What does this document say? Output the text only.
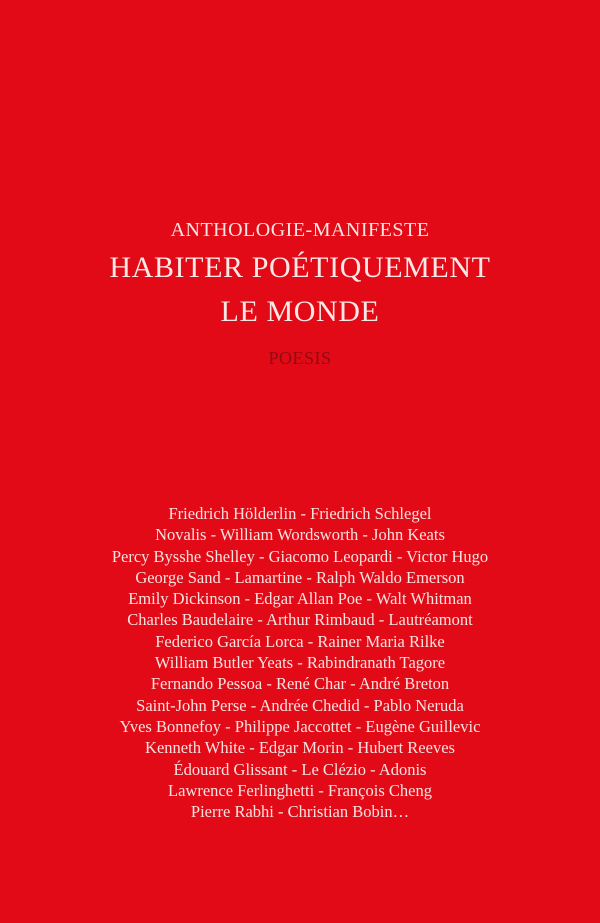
ANTHOLOGIE-MANIFESTE
HABITER POÉTIQUEMENT
LE MONDE
POESIS
Friedrich Hölderlin - Friedrich Schlegel
Novalis - William Wordsworth - John Keats
Percy Bysshe Shelley - Giacomo Leopardi - Victor Hugo
George Sand - Lamartine - Ralph Waldo Emerson
Emily Dickinson - Edgar Allan Poe - Walt Whitman
Charles Baudelaire - Arthur Rimbaud - Lautréamont
Federico García Lorca - Rainer Maria Rilke
William Butler Yeats - Rabindranath Tagore
Fernando Pessoa - René Char - André Breton
Saint-John Perse - Andrée Chedid - Pablo Neruda
Yves Bonnefoy - Philippe Jaccottet - Eugène Guillevic
Kenneth White - Edgar Morin - Hubert Reeves
Édouard Glissant - Le Clézio - Adonis
Lawrence Ferlinghetti - François Cheng
Pierre Rabhi - Christian Bobin…
